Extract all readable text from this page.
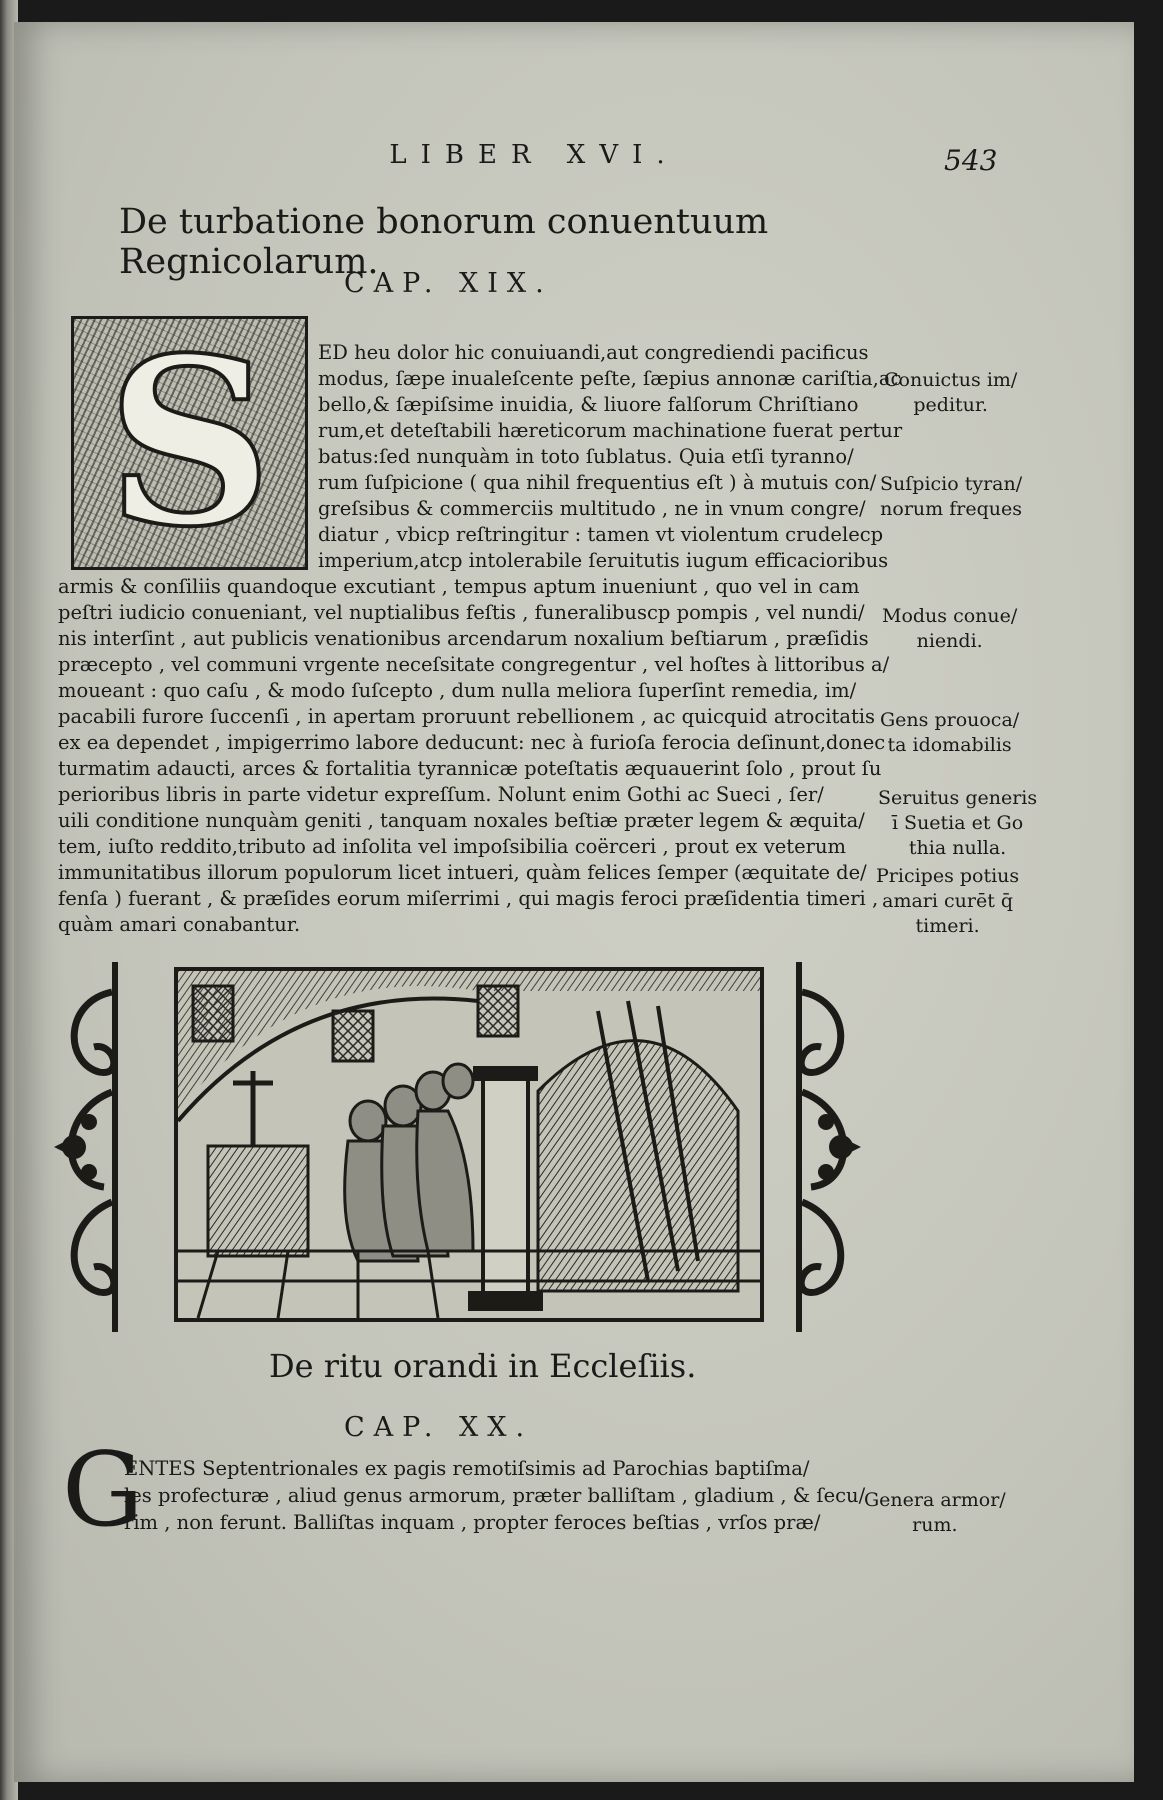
LIBER XVI.	543
De turbatione bonorum conuentuum Regnicolarum.
CAP. XIX.
S ED heu dolor hic conuiuandi,aut congrediendi pacificus
modus, ſæpe inualeſcente peſte, ſæpius annonæ cariſtia,ac
bello,& ſæpiſsime inuidia, & liuore falſorum Chriſtiano
rum,et deteſtabili hæreticorum machinatione fuerat pertur
batus:ſed nunquàm in toto ſublatus. Quia etſi tyranno/
rum ſuſpicione ( qua nihil frequentius eſt ) à mutuis con/
greſsibus & commerciis multitudo , ne in vnum congre/
diatur , vbicp reſtringitur : tamen vt violentum crudelecp
imperium,atcp intolerabile ſeruitutis iugum efficacioribus
armis & conſiliis quandoque excutiant , tempus aptum inueniunt , quo vel in cam
peſtri iudicio conueniant, vel nuptialibus feſtis , funeralibuscp pompis , vel nundi/
nis interſint , aut publicis venationibus arcendarum noxalium beſtiarum , præſidis
præcepto , vel communi vrgente neceſsitate congregentur , vel hoſtes à littoribus a/
moueant : quo caſu , & modo ſuſcepto , dum nulla meliora ſuperſint remedia, im/
pacabili furore ſuccenſi , in apertam proruunt rebellionem , ac quicquid atrocitatis
ex ea dependet , impigerrimo labore deducunt: nec à furioſa ferocia deſinunt,donec
turmatim adaucti, arces & fortalitia tyrannicæ poteſtatis æquauerint ſolo , prout ſu
perioribus libris in parte videtur expreſſum. Nolunt enim Gothi ac Sueci , ſer/
uili conditione nunquàm geniti , tanquam noxales beſtiæ præter legem & æquita/
tem, iuſto reddito,tributo ad inſolita vel impoſsibilia coërceri , prout ex veterum
immunitatibus illorum populorum licet intueri, quàm felices ſemper (æquitate de/
fenſa ) fuerant , & præſides eorum miſerrimi , qui magis feroci præſidentia timeri ,
quàm amari conabantur.
Conuictus im/
peditur.
Suſpicio tyran/
norum freques
Modus conue/
niendi.
Gens prouoca/
ta idomabilis
Seruitus generis
ī Suetia et Go
thia nulla.
Pricipes potius
amari curēt q̄
timeri.
De ritu orandi in Eccleſiis.
CAP. XX.
G
ENTES Septentrionales ex pagis remotiſsimis ad Parochias baptiſma/
les profecturæ , aliud genus armorum, præter balliſtam , gladium , & ſecu/
rim , non ferunt. Balliſtas inquam , propter feroces beſtias , vrſos præ/
Genera armor/
rum.
